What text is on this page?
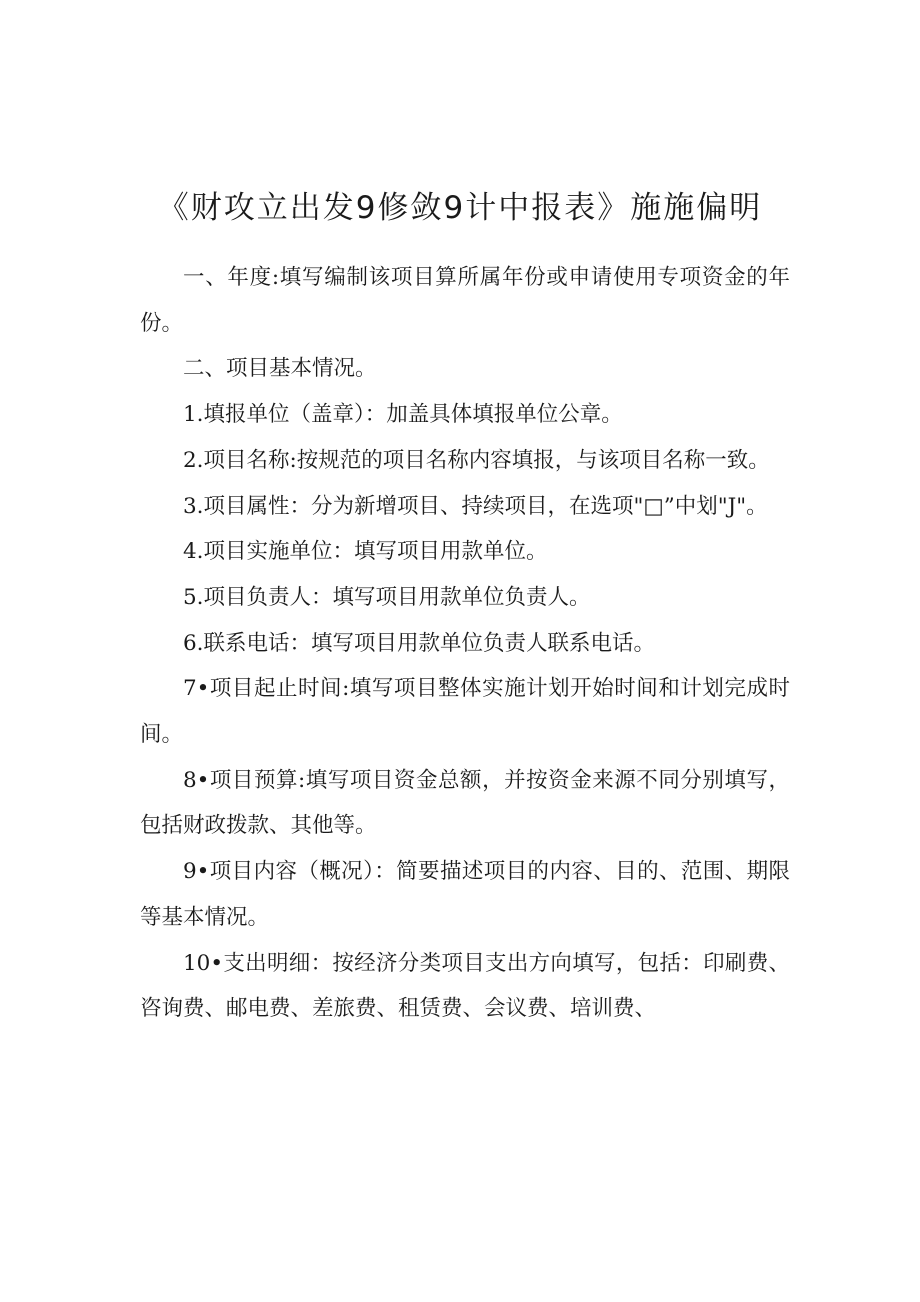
《财攻立出发9修敛9计中报表》施施偏明

一、年度:填写编制该项目算所属年份或申请使用专项资金的年份。

二、项目基本情况。

1.填报单位（盖章）：加盖具体填报单位公章。

2.项目名称:按规范的项目名称内容填报，与该项目名称一致。

3.项目属性：分为新增项目、持续项目，在选项"□”中划"J"。

4.项目实施单位：填写项目用款单位。

5.项目负责人：填写项目用款单位负责人。

6.联系电话：填写项目用款单位负责人联系电话。

7•项目起止时间:填写项目整体实施计划开始时间和计划完成时间。

8•项目预算:填写项目资金总额，并按资金来源不同分别填写，包括财政拨款、其他等。

9•项目内容（概况）：简要描述项目的内容、目的、范围、期限等基本情况。

10•支出明细：按经济分类项目支出方向填写，包括：印刷费、咨询费、邮电费、差旅费、租赁费、会议费、培训费、
